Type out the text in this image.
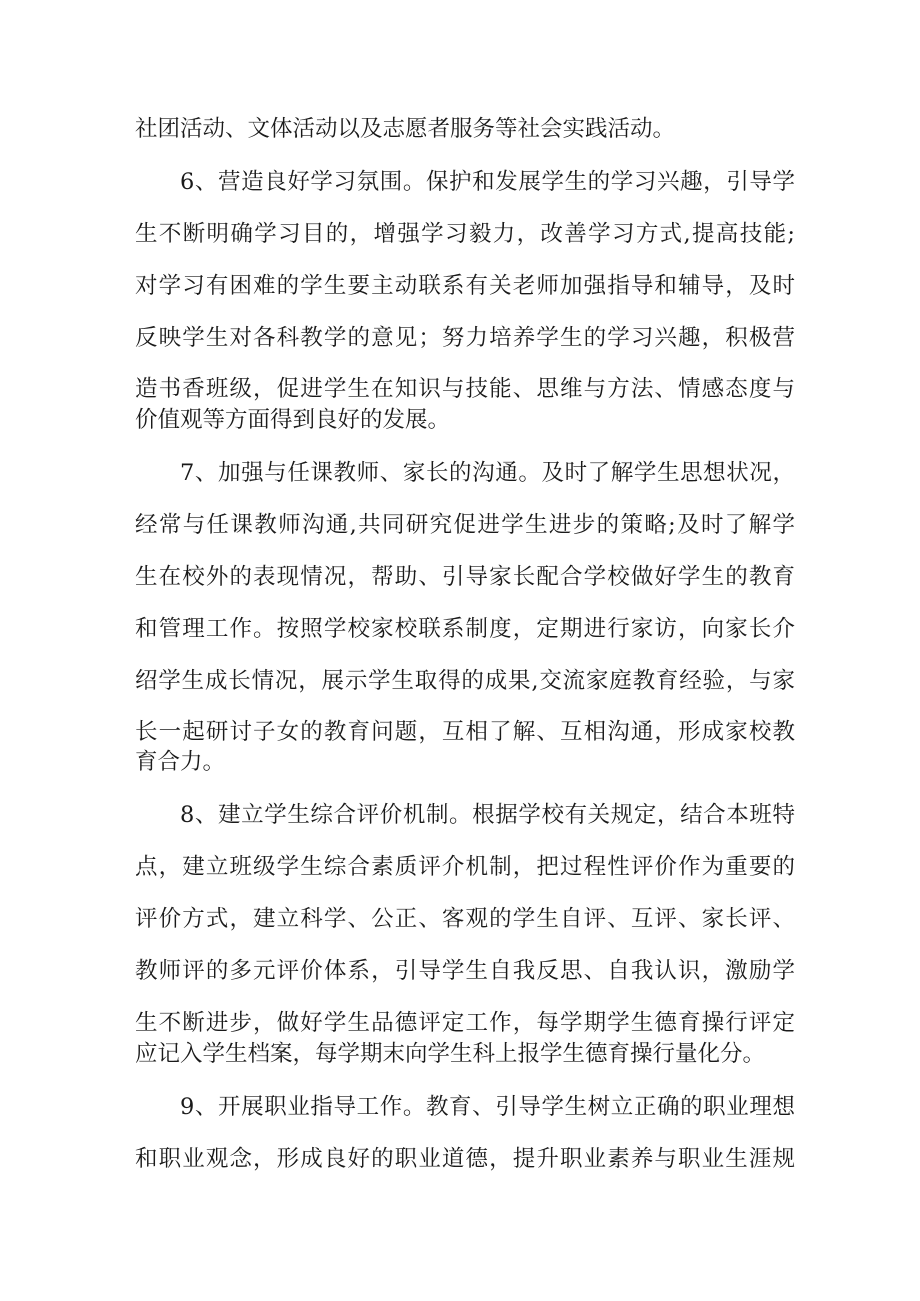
社团活动、文体活动以及志愿者服务等社会实践活动。
6、营造良好学习氛围。保护和发展学生的学习兴趣，引导学
生不断明确学习目的，增强学习毅力，改善学习方式,提高技能;
对学习有困难的学生要主动联系有关老师加强指导和辅导，及时
反映学生对各科教学的意见；努力培养学生的学习兴趣，积极营
造书香班级，促进学生在知识与技能、思维与方法、情感态度与
价值观等方面得到良好的发展。
7、加强与任课教师、家长的沟通。及时了解学生思想状况，
经常与任课教师沟通,共同研究促进学生进步的策略;及时了解学
生在校外的表现情况，帮助、引导家长配合学校做好学生的教育
和管理工作。按照学校家校联系制度，定期进行家访，向家长介
绍学生成长情况，展示学生取得的成果,交流家庭教育经验，与家
长一起研讨子女的教育问题，互相了解、互相沟通，形成家校教
育合力。
8、建立学生综合评价机制。根据学校有关规定，结合本班特
点，建立班级学生综合素质评介机制，把过程性评价作为重要的
评价方式，建立科学、公正、客观的学生自评、互评、家长评、
教师评的多元评价体系，引导学生自我反思、自我认识，激励学
生不断进步，做好学生品德评定工作，每学期学生德育操行评定
应记入学生档案，每学期末向学生科上报学生德育操行量化分。
9、开展职业指导工作。教育、引导学生树立正确的职业理想
和职业观念，形成良好的职业道德，提升职业素养与职业生涯规
